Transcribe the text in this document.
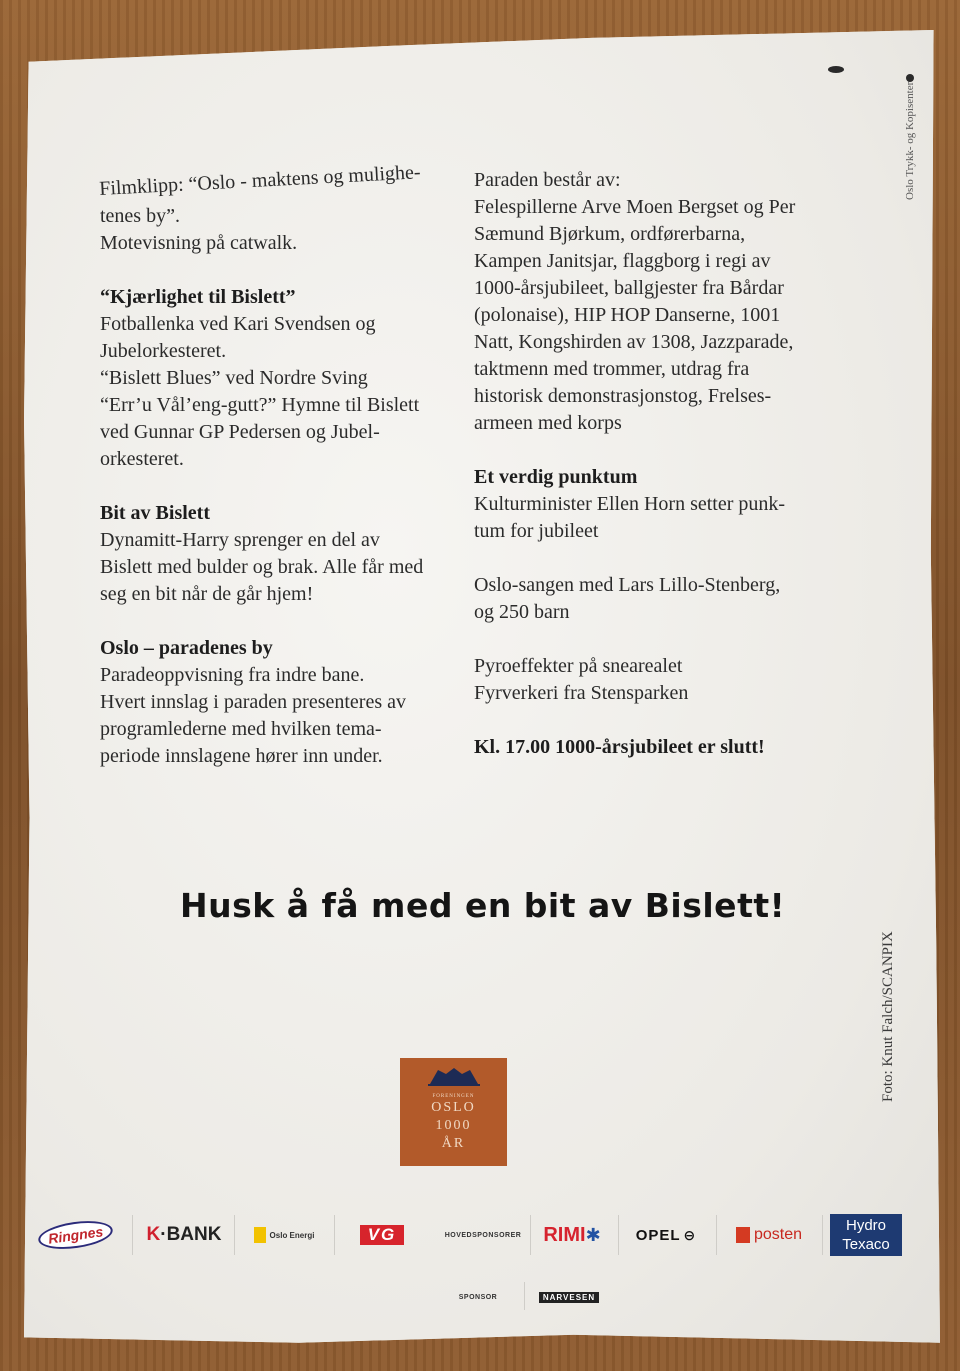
Filmklipp: “Oslo - maktens og mulighe-

tenes by”.

Motevisning på catwalk.

“Kjærlighet til Bislett”

Fotballenka ved Kari Svendsen og

Jubelorkesteret.

“Bislett Blues” ved Nordre Sving

“Err’u Vål’eng-gutt?” Hymne til Bislett

ved Gunnar GP Pedersen og Jubel-

orkesteret.

Bit av Bislett

Dynamitt-Harry sprenger en del av

Bislett med bulder og brak. Alle får med

seg en bit når de går hjem!

Oslo – paradenes by

Paradeoppvisning fra indre bane.

Hvert innslag i paraden presenteres av

programlederne med hvilken tema-

periode innslagene hører inn under.

Paraden består av:

Felespillerne Arve Moen Bergset og Per

Sæmund Bjørkum, ordførerbarna,

Kampen Janitsjar, flaggborg i regi av

1000-årsjubileet, ballgjester fra Bårdar

(polonaise), HIP HOP Danserne, 1001

Natt, Kongshirden av 1308, Jazzparade,

taktmenn med trommer, utdrag fra

historisk demonstrasjonstog, Frelses-

armeen med korps

Et verdig punktum

Kulturminister Ellen Horn setter punk-

tum for jubileet

Oslo-sangen med Lars Lillo-Stenberg,

og 250 barn

Pyroeffekter på snearealet

Fyrverkeri fra Stensparken

Kl. 17.00 1000-årsjubileet er slutt!

Oslo Trykk- og Kopisenter
Husk å få med en bit av Bislett!
Foto: Knut Falch/SCANPIX
FORENINGEN
OSLO
1000
ÅR
Ringnes	K ·BANK	Oslo Energi	VG	HOVEDSPONSORER	RIMI ✱ OPEL ⊖	posten
Hydro
Texaco
SPONSOR	NARVESEN
